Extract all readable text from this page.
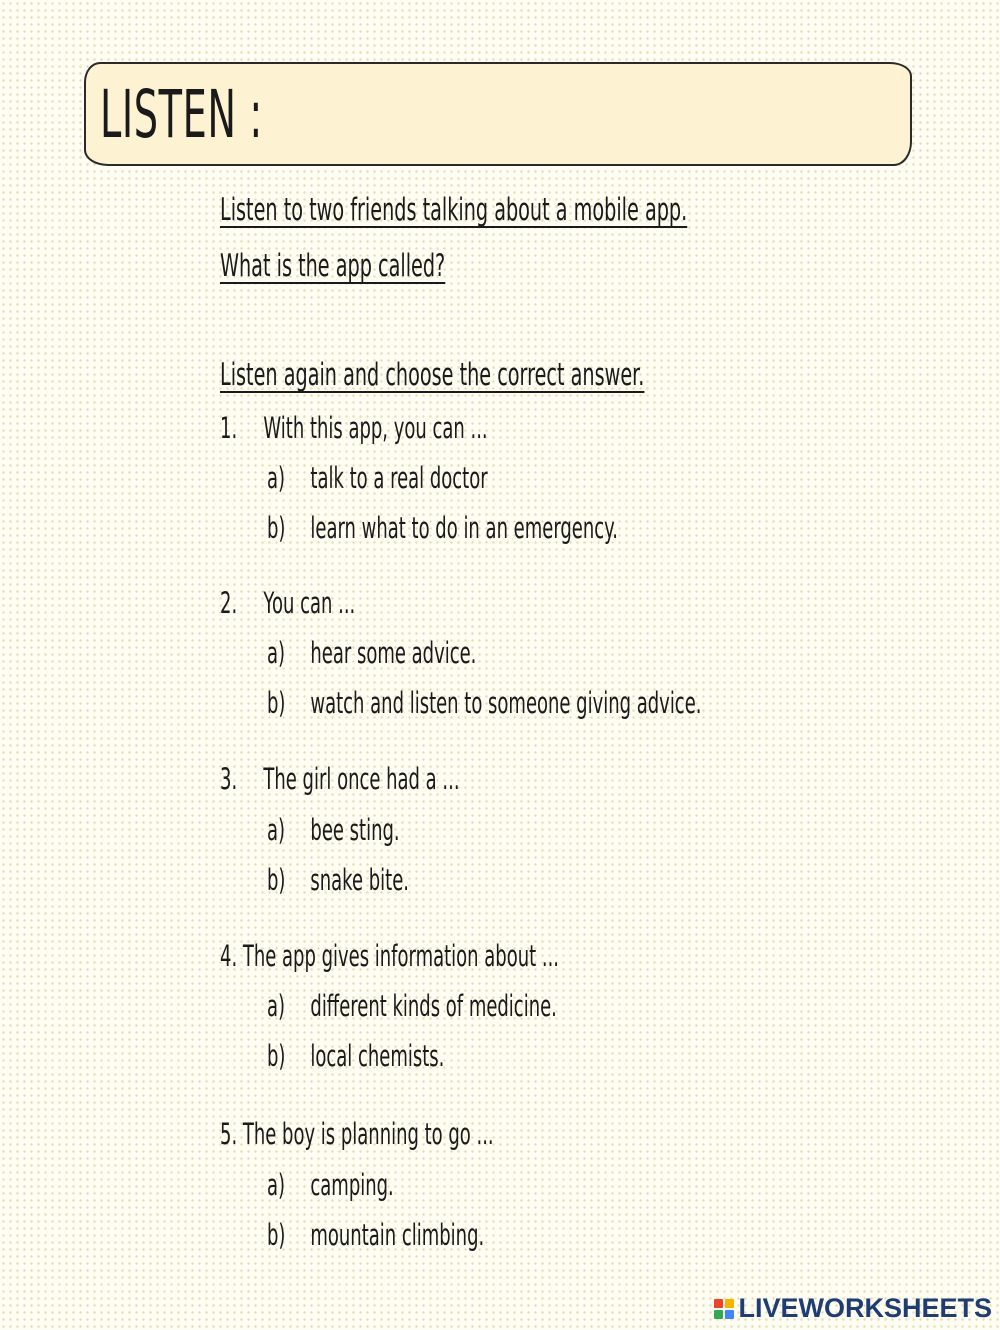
LISTEN :
Listen to two friends talking about a mobile app.
What is the app called?
Listen again and choose the correct answer.
1. With this app, you can ...
a) talk to a real doctor
b) learn what to do in an emergency.
2. You can ...
a) hear some advice.
b) watch and listen to someone giving advice.
3. The girl once had a ...
a) bee sting.
b) snake bite.
4. The app gives information about ...
a) different kinds of medicine.
b) local chemists.
5. The boy is planning to go ...
a) camping.
b) mountain climbing.
LIVEWORKSHEETS
